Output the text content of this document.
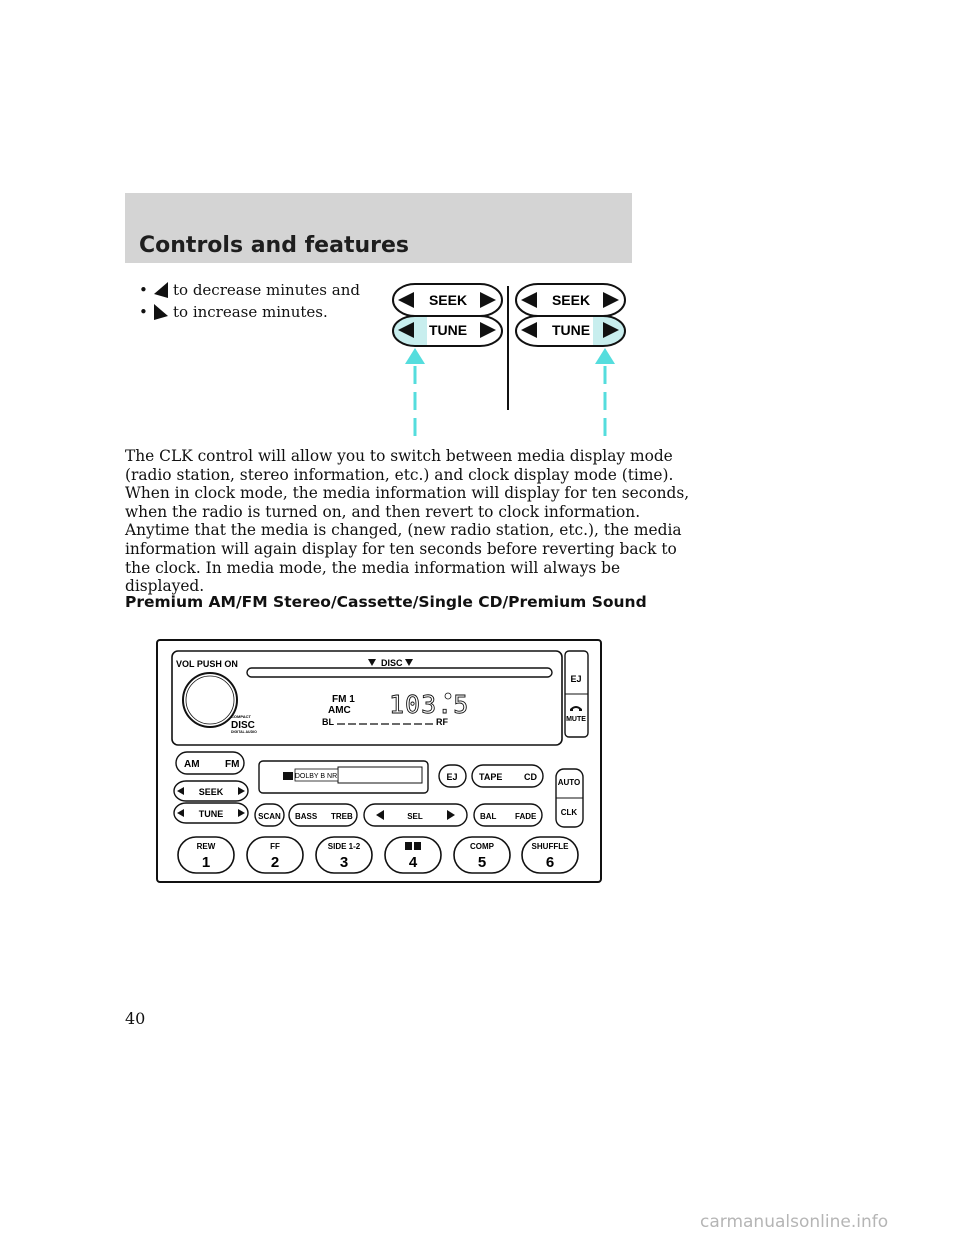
Controls and features
• to decrease minutes and
• to increase minutes.
SEEK
TUNE
SEEK
TUNE
The CLK control will allow you to switch between media display mode
(radio station, stereo information, etc.) and clock display mode (time).
When in clock mode, the media information will display for ten seconds,
when the radio is turned on, and then revert to clock information.
Anytime that the media is changed, (new radio station, etc.), the media
information will again display for ten seconds before reverting back to
the clock. In media mode, the media information will always be
displayed.
Premium AM/FM Stereo/Cassette/Single CD/Premium Sound
VOL PUSH ON	DISC
COMPACT
DISC
DIGITAL AUDIO
FM 1
AMC 103.5
BL	RF
EJ
MUTE
AM	FM
SEEK
TUNE
DOLBY B NR	EJ TAPE CD
AUTO
CLK
SCAN BASS TREB	SEL	BAL FADE
REW
1
FF
2
SIDE 1-2
3	4
COMP
5
SHUFFLE
6
40
carmanualsonline.info
